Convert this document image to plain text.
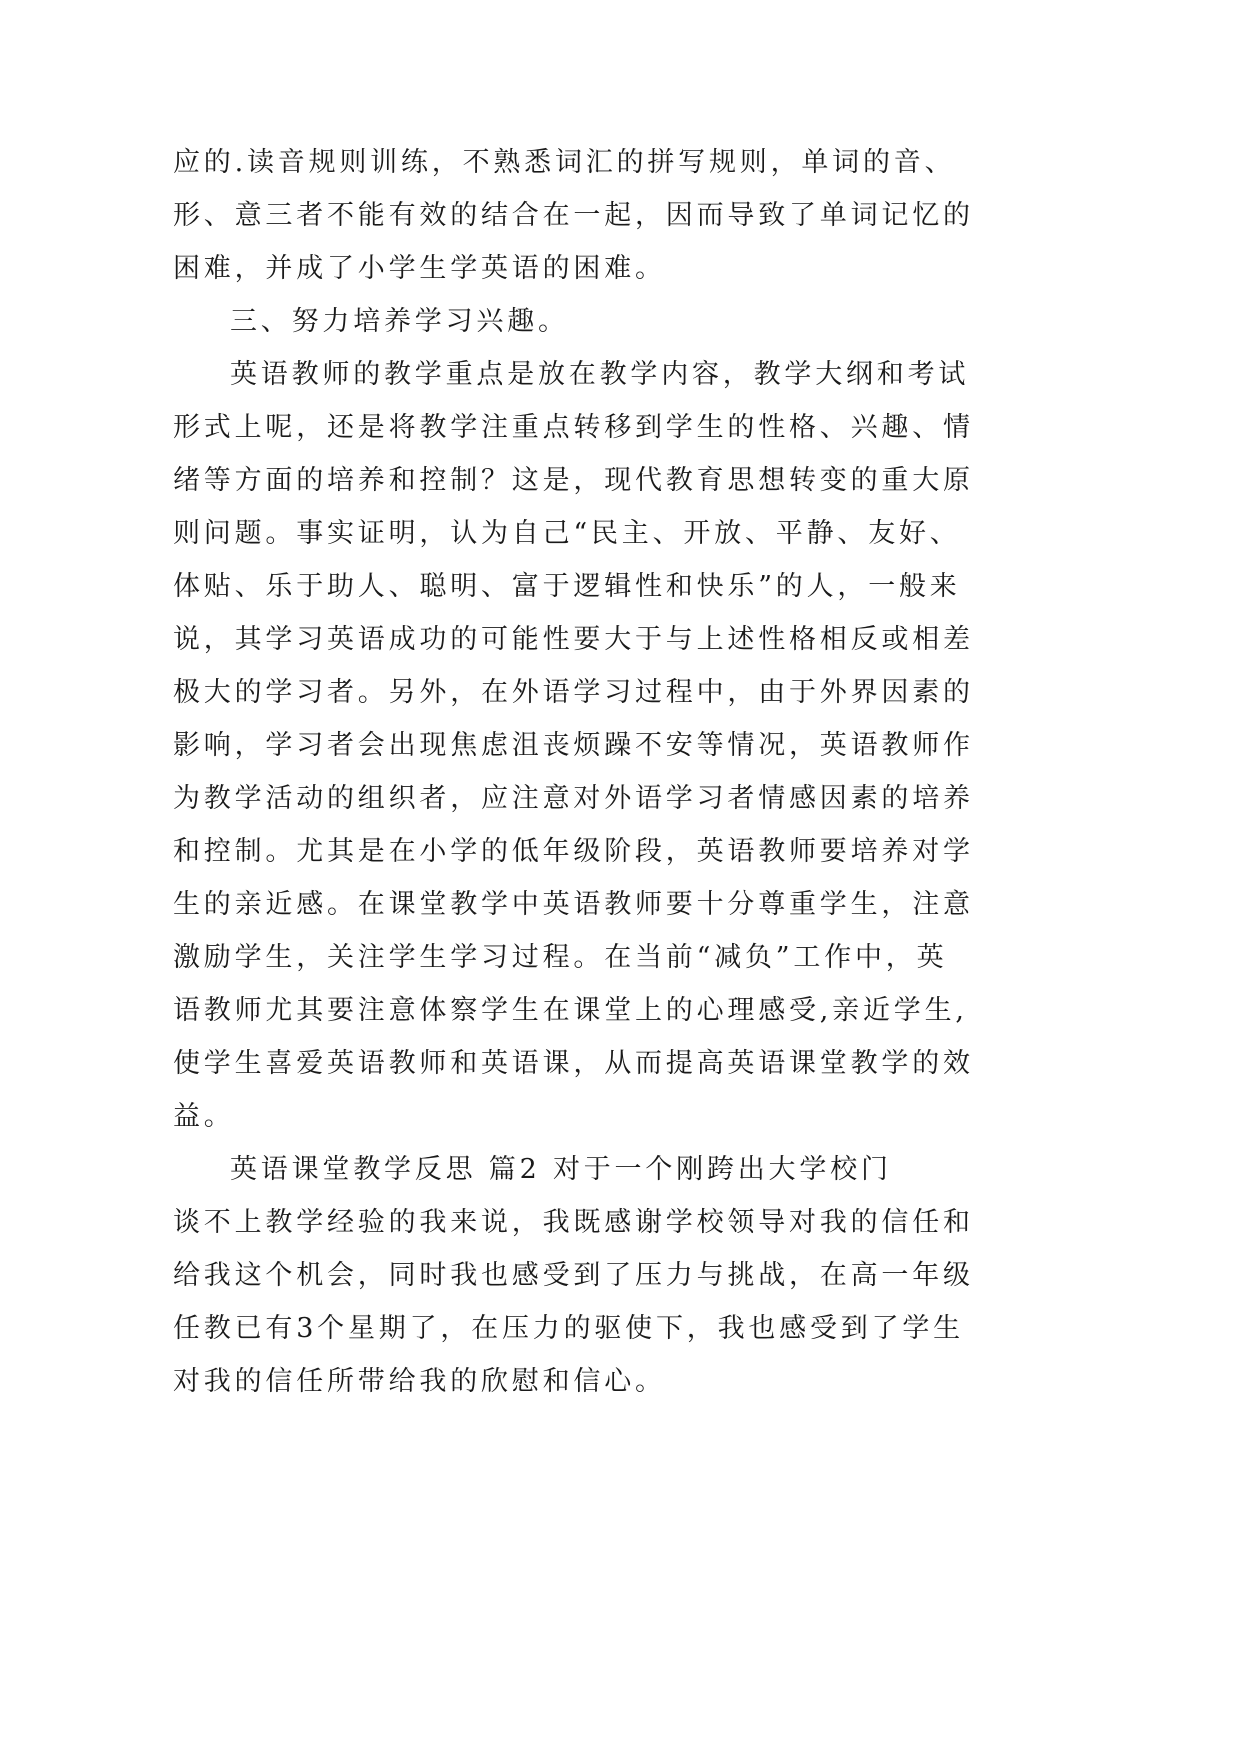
应的.读音规则训练，不熟悉词汇的拼写规则，单词的音、
形、意三者不能有效的结合在一起，因而导致了单词记忆的
困难，并成了小学生学英语的困难。
三、努力培养学习兴趣。
英语教师的教学重点是放在教学内容，教学大纲和考试
形式上呢，还是将教学注重点转移到学生的性格、兴趣、情
绪等方面的培养和控制？这是，现代教育思想转变的重大原
则问题。事实证明，认为自己“民主、开放、平静、友好、
体贴、乐于助人、聪明、富于逻辑性和快乐”的人，一般来
说，其学习英语成功的可能性要大于与上述性格相反或相差
极大的学习者。另外，在外语学习过程中，由于外界因素的
影响，学习者会出现焦虑沮丧烦躁不安等情况，英语教师作
为教学活动的组织者，应注意对外语学习者情感因素的培养
和控制。尤其是在小学的低年级阶段，英语教师要培养对学
生的亲近感。在课堂教学中英语教师要十分尊重学生，注意
激励学生，关注学生学习过程。在当前“减负”工作中，英
语教师尤其要注意体察学生在课堂上的心理感受,亲近学生,
使学生喜爱英语教师和英语课，从而提高英语课堂教学的效
益。
英语课堂教学反思 篇2 对于一个刚跨出大学校门
谈不上教学经验的我来说，我既感谢学校领导对我的信任和
给我这个机会，同时我也感受到了压力与挑战，在高一年级
任教已有3个星期了，在压力的驱使下，我也感受到了学生
对我的信任所带给我的欣慰和信心。
